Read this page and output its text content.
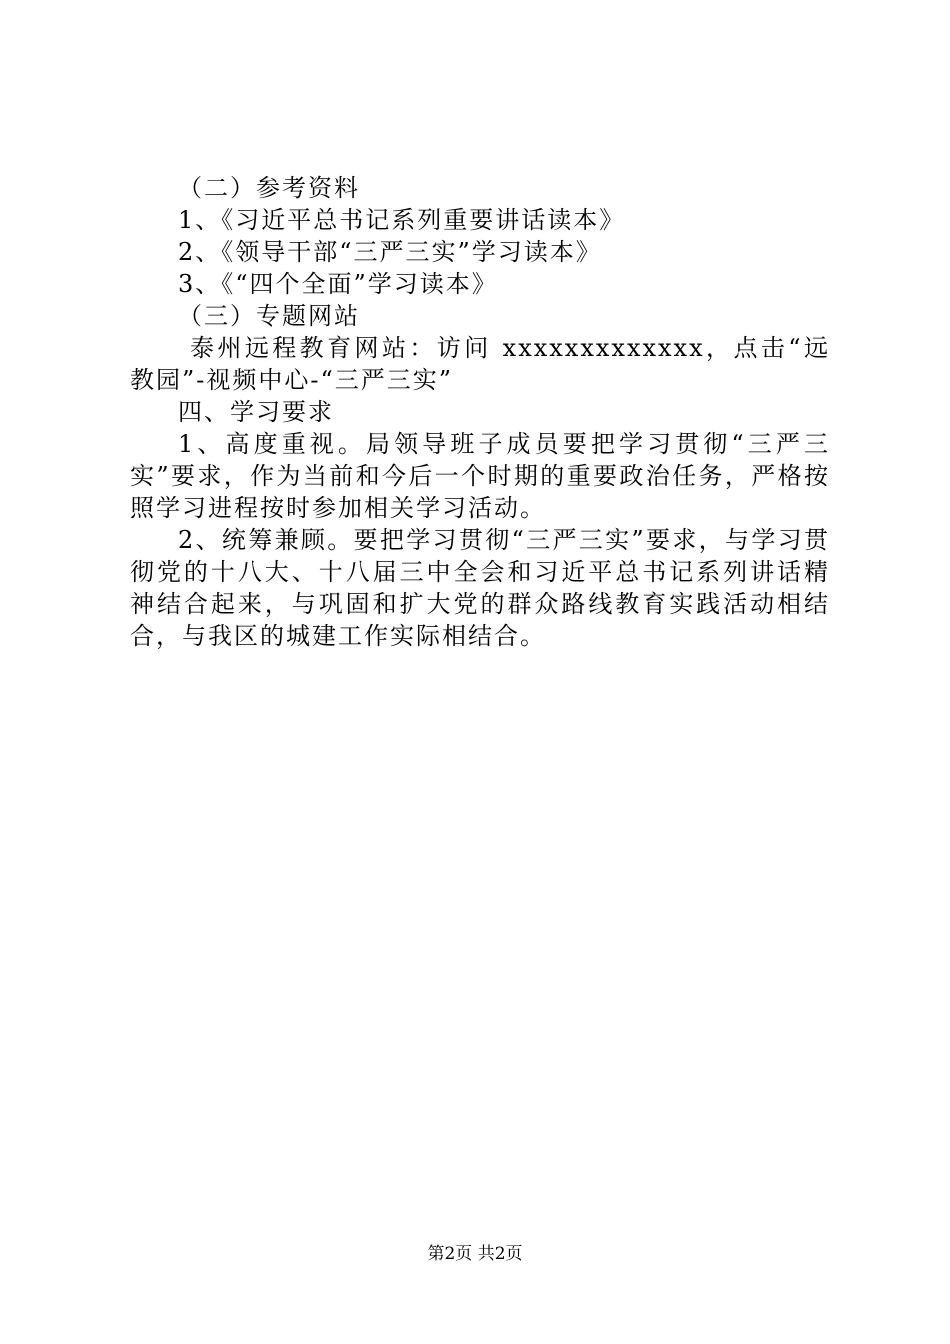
（二）参考资料
1、《习近平总书记系列重要讲话读本》
2、《领导干部“三严三实”学习读本》
3、《“四个全面”学习读本》
（三）专题网站
泰州远程教育网站：访问 xxxxxxxxxxxxx，点击“远教园”-视频中心-“三严三实”
四、学习要求
1、高度重视。局领导班子成员要把学习贯彻“三严三实”要求，作为当前和今后一个时期的重要政治任务，严格按照学习进程按时参加相关学习活动。
2、统筹兼顾。要把学习贯彻“三严三实”要求，与学习贯彻党的十八大、十八届三中全会和习近平总书记系列讲话精神结合起来，与巩固和扩大党的群众路线教育实践活动相结合，与我区的城建工作实际相结合。
第2页 共2页
